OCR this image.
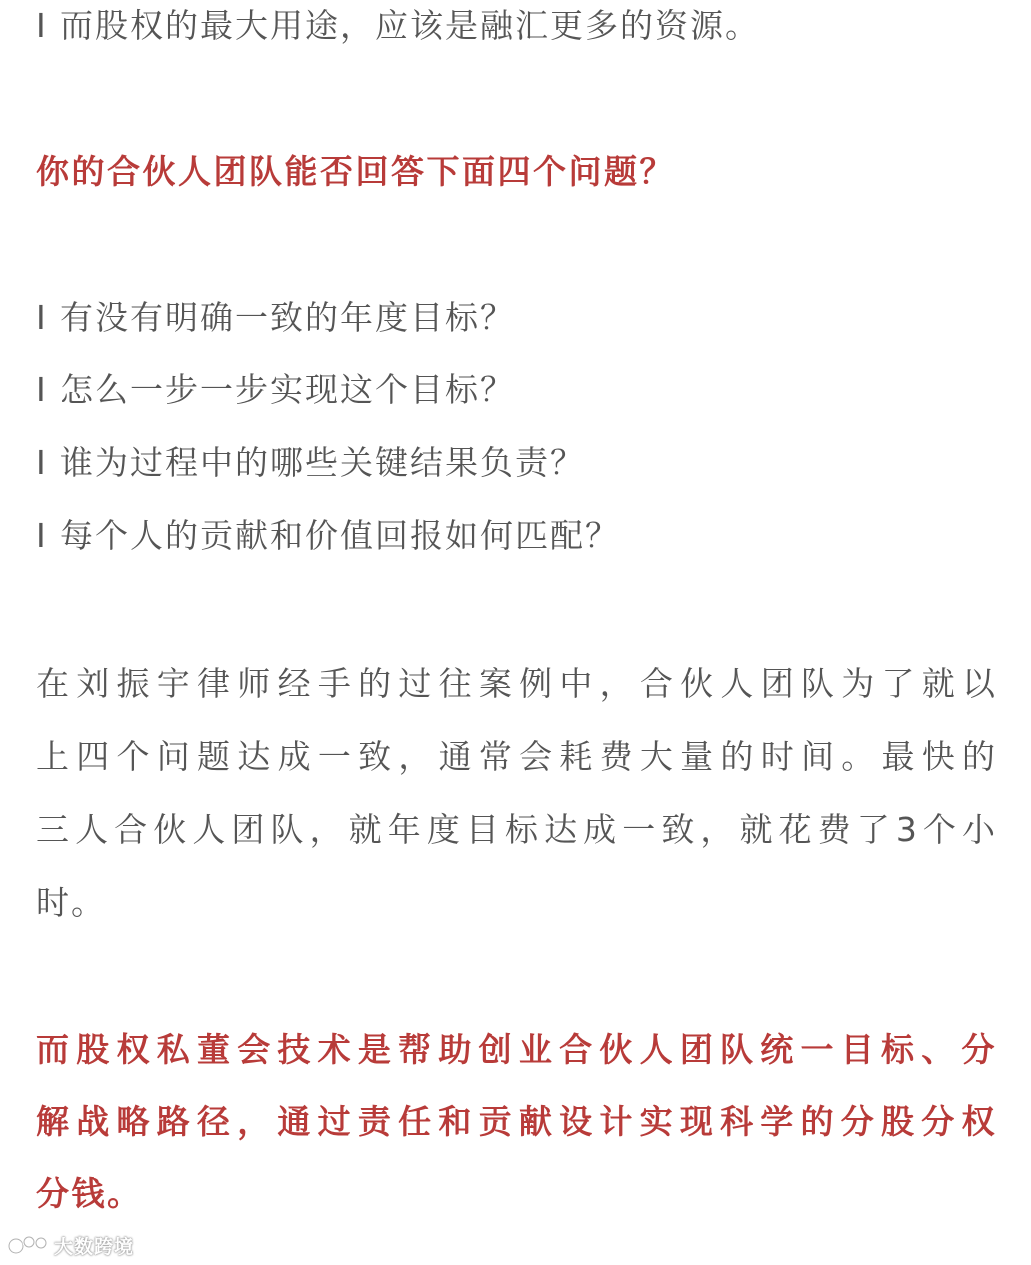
I 而股权的最大用途，应该是融汇更多的资源。
你的合伙人团队能否回答下面四个问题？
I 有没有明确一致的年度目标？
I 怎么一步一步实现这个目标？
I 谁为过程中的哪些关键结果负责？
I 每个人的贡献和价值回报如何匹配？
在刘振宇律师经手的过往案例中，合伙人团队为了就以
上四个问题达成一致，通常会耗费大量的时间。最快的
三人合伙人团队，就年度目标达成一致，就花费了3个小
时。
而股权私董会技术是帮助创业合伙人团队统一目标、分
解战略路径，通过责任和贡献设计实现科学的分股分权
分钱。
大数跨境
